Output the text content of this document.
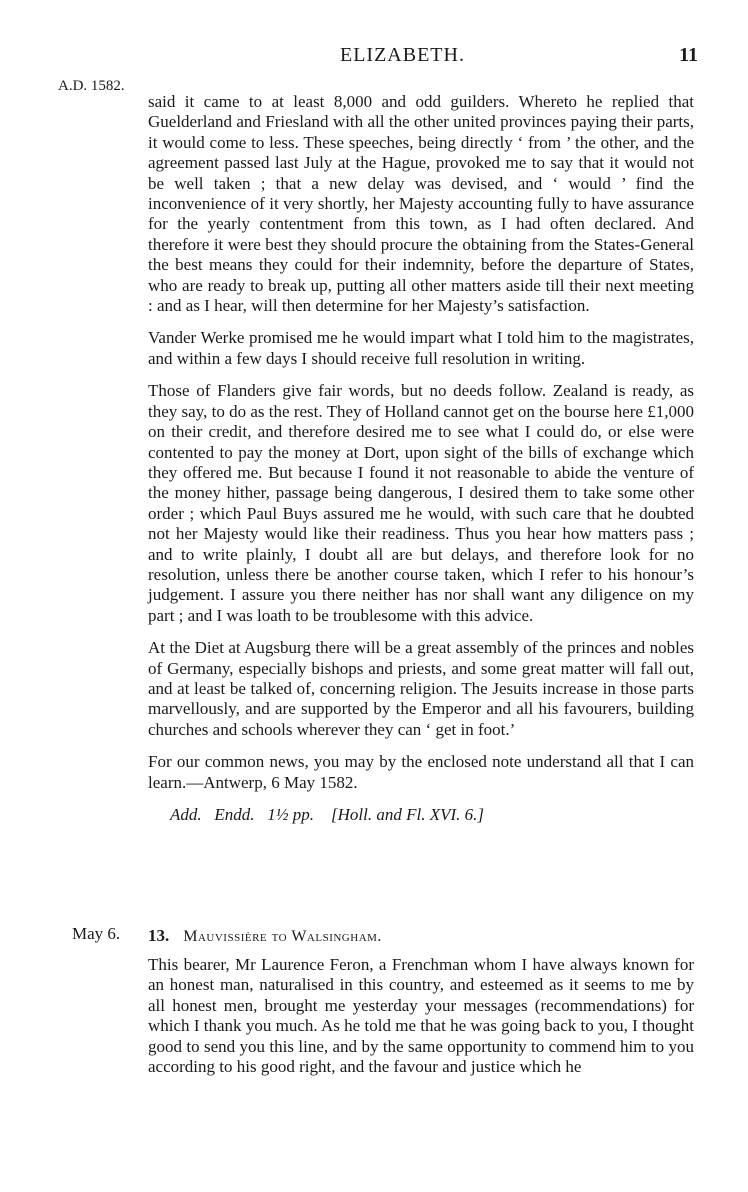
ELIZABETH.	11
A.D. 1582.

said it came to at least 8,000 and odd guilders. Whereto he replied that Guelderland and Friesland with all the other united provinces paying their parts, it would come to less. These speeches, being directly ‘ from ’ the other, and the agreement passed last July at the Hague, provoked me to say that it would not be well taken ; that a new delay was devised, and ‘ would ’ find the inconvenience of it very shortly, her Majesty accounting fully to have assurance for the yearly contentment from this town, as I had often declared. And therefore it were best they should procure the obtaining from the States-General the best means they could for their indemnity, before the departure of States, who are ready to break up, putting all other matters aside till their next meeting : and as I hear, will then determine for her Majesty’s satisfaction.

Vander Werke promised me he would impart what I told him to the magistrates, and within a few days I should receive full resolution in writing.

Those of Flanders give fair words, but no deeds follow. Zealand is ready, as they say, to do as the rest. They of Holland cannot get on the bourse here £1,000 on their credit, and therefore desired me to see what I could do, or else were contented to pay the money at Dort, upon sight of the bills of exchange which they offered me. But because I found it not reasonable to abide the venture of the money hither, passage being dangerous, I desired them to take some other order ; which Paul Buys assured me he would, with such care that he doubted not her Majesty would like their readiness. Thus you hear how matters pass ; and to write plainly, I doubt all are but delays, and therefore look for no resolution, unless there be another course taken, which I refer to his honour’s judgement. I assure you there neither has nor shall want any diligence on my part ; and I was loath to be troublesome with this advice.

At the Diet at Augsburg there will be a great assembly of the princes and nobles of Germany, especially bishops and priests, and some great matter will fall out, and at least be talked of, concerning religion. The Jesuits increase in those parts marvellously, and are supported by the Emperor and all his favourers, building churches and schools wherever they can ‘ get in foot.’

For our common news, you may by the enclosed note understand all that I can learn.—Antwerp, 6 May 1582.

Add. Endd. 1½ pp. [Holl. and Fl. XVI. 6.]
May 6. 13. Mauvissière to Walsingham.

This bearer, Mr Laurence Feron, a Frenchman whom I have always known for an honest man, naturalised in this country, and esteemed as it seems to me by all honest men, brought me yesterday your messages (recommendations) for which I thank you much. As he told me that he was going back to you, I thought good to send you this line, and by the same opportunity to commend him to you according to his good right, and the favour and justice which he
